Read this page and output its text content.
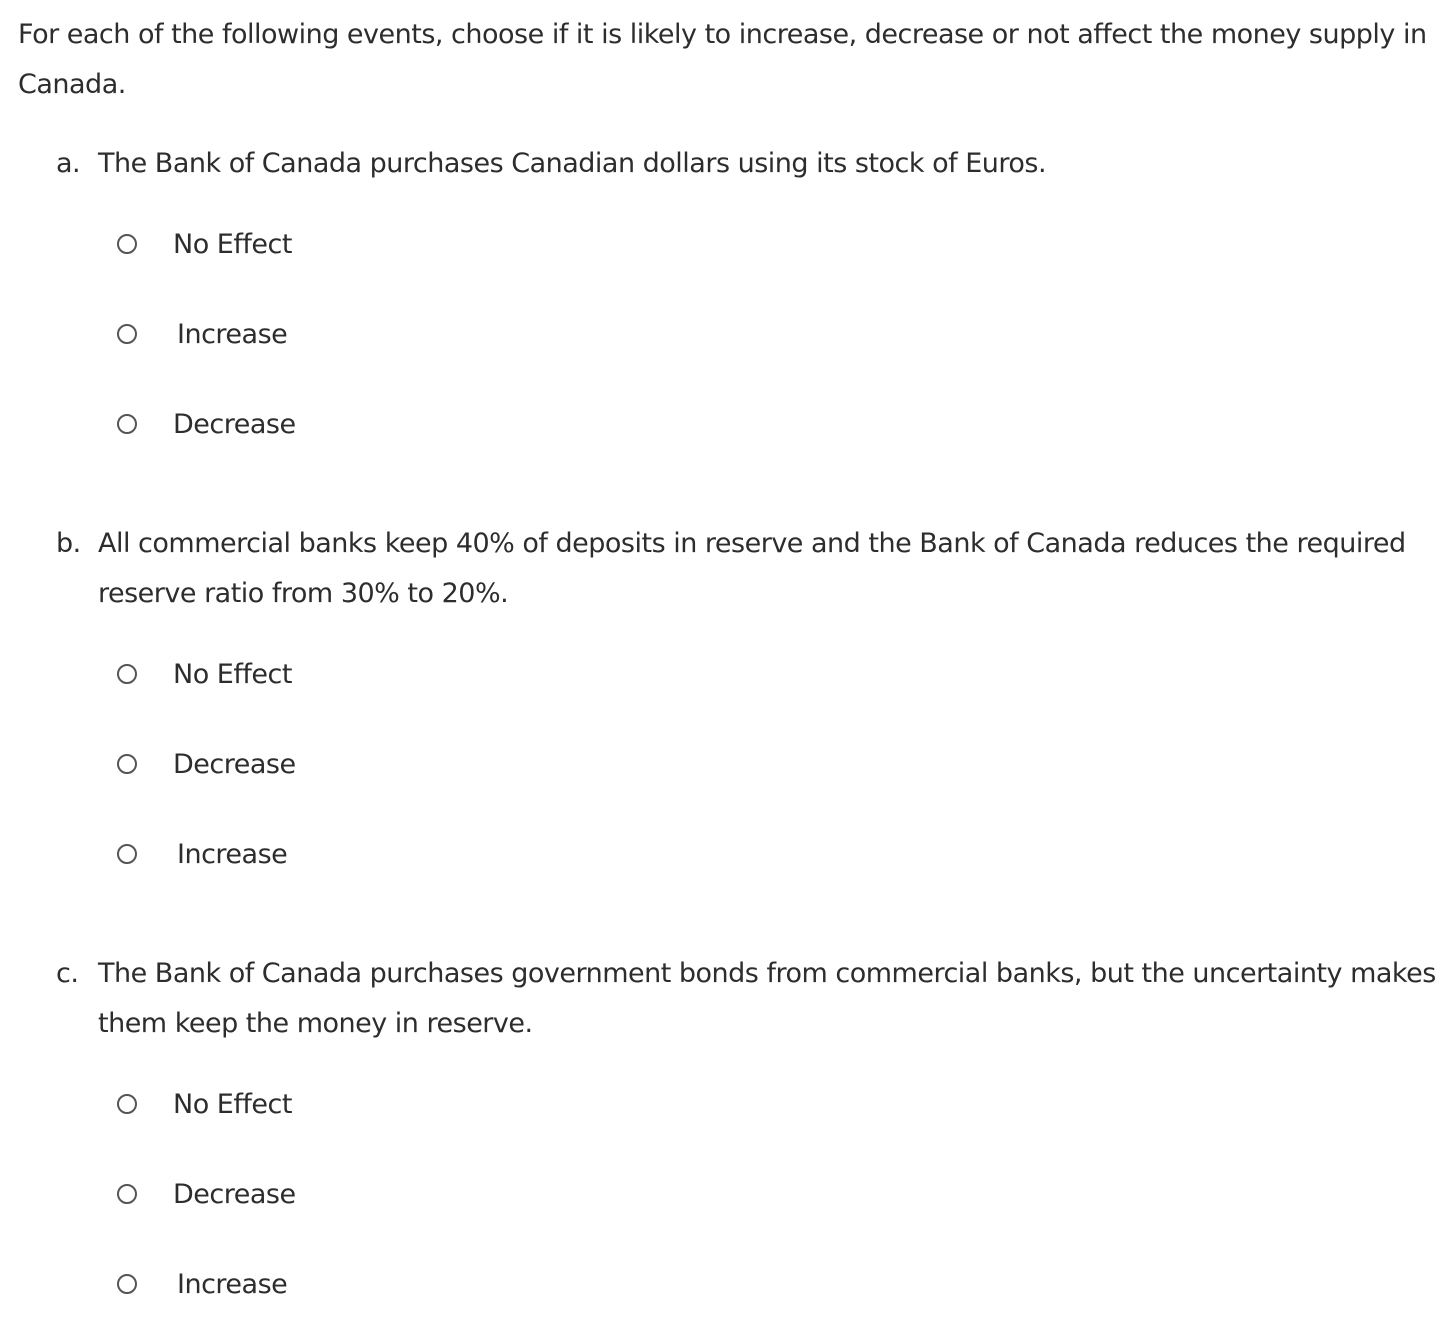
For each of the following events, choose if it is likely to increase, decrease or not affect the money supply in Canada.

a. The Bank of Canada purchases Canadian dollars using its stock of Euros.
No Effect
Increase
Decrease
b. All commercial banks keep 40% of deposits in reserve and the Bank of Canada reduces the required reserve ratio from 30% to 20%.
No Effect
Decrease
Increase
c. The Bank of Canada purchases government bonds from commercial banks, but the uncertainty makes them keep the money in reserve.
No Effect
Decrease
Increase
